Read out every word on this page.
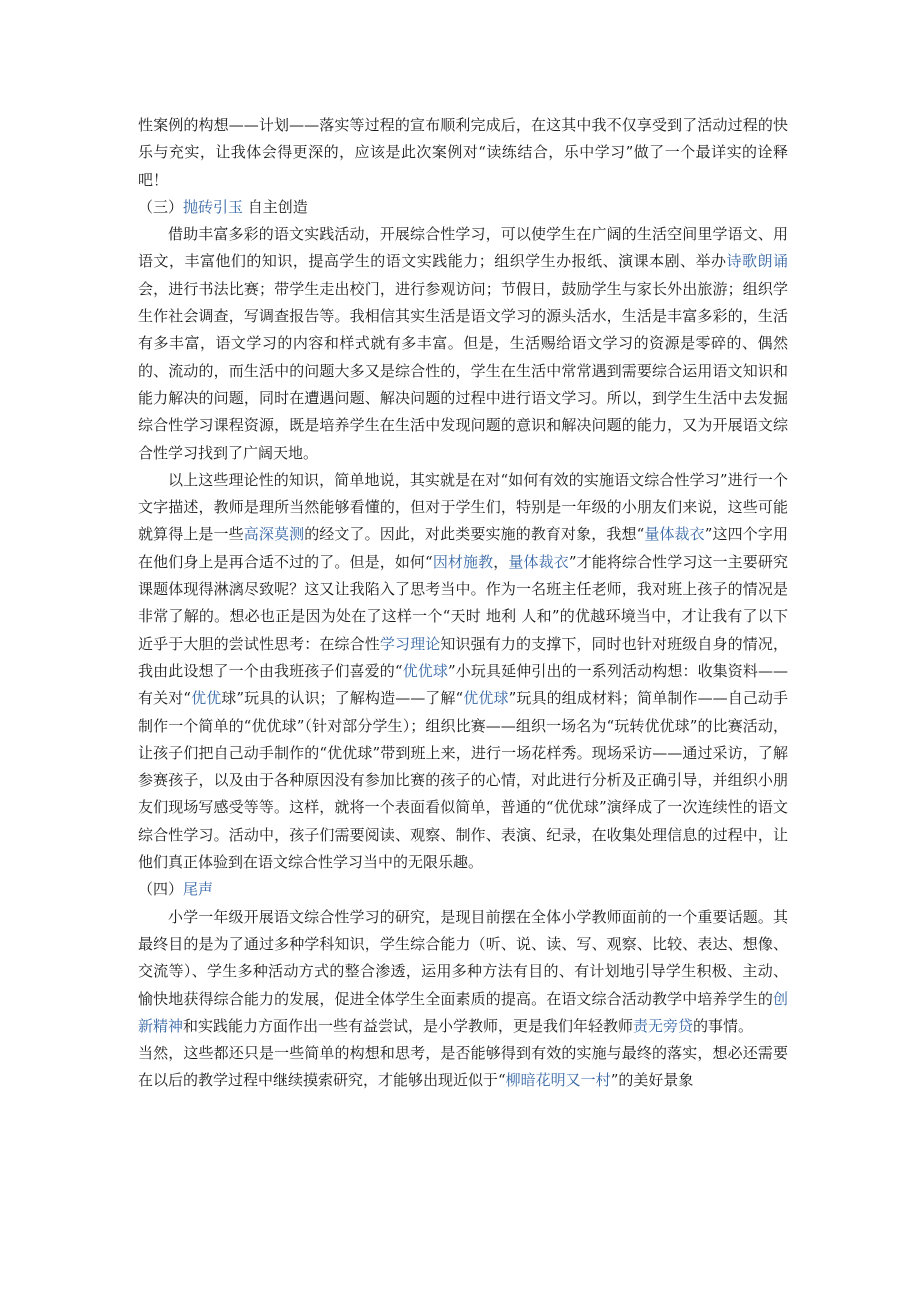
性案例的构想——计划——落实等过程的宣布顺利完成后，在这其中我不仅享受到了活动过程的快乐与充实，让我体会得更深的，应该是此次案例对“读练结合，乐中学习”做了一个最详实的诠释吧！

（三）抛砖引玉 自主创造

借助丰富多彩的语文实践活动，开展综合性学习，可以使学生在广阔的生活空间里学语文、用语文，丰富他们的知识，提高学生的语文实践能力；组织学生办报纸、演课本剧、举办诗歌朗诵会，进行书法比赛；带学生走出校门，进行参观访问；节假日，鼓励学生与家长外出旅游；组织学生作社会调查，写调查报告等。我相信其实生活是语文学习的源头活水，生活是丰富多彩的，生活有多丰富，语文学习的内容和样式就有多丰富。但是，生活赐给语文学习的资源是零碎的、偶然的、流动的，而生活中的问题大多又是综合性的，学生在生活中常常遇到需要综合运用语文知识和能力解决的问题，同时在遭遇问题、解决问题的过程中进行语文学习。所以，到学生生活中去发掘综合性学习课程资源，既是培养学生在生活中发现问题的意识和解决问题的能力，又为开展语文综合性学习找到了广阔天地。

以上这些理论性的知识，简单地说，其实就是在对“如何有效的实施语文综合性学习”进行一个文字描述，教师是理所当然能够看懂的，但对于学生们，特别是一年级的小朋友们来说，这些可能就算得上是一些高深莫测的经文了。因此，对此类要实施的教育对象，我想“量体裁衣”这四个字用在他们身上是再合适不过的了。但是，如何“因材施教，量体裁衣”才能将综合性学习这一主要研究课题体现得淋漓尽致呢？这又让我陷入了思考当中。作为一名班主任老师，我对班上孩子的情况是非常了解的。想必也正是因为处在了这样一个“天时 地利 人和”的优越环境当中，才让我有了以下近乎于大胆的尝试性思考：在综合性学习理论知识强有力的支撑下，同时也针对班级自身的情况，我由此设想了一个由我班孩子们喜爱的“优优球”小玩具延伸引出的一系列活动构想：收集资料——有关对“优优球”玩具的认识；了解构造——了解“优优球”玩具的组成材料；简单制作——自己动手制作一个简单的“优优球”（针对部分学生）；组织比赛——组织一场名为“玩转优优球”的比赛活动，让孩子们把自己动手制作的“优优球”带到班上来，进行一场花样秀。现场采访——通过采访，了解参赛孩子，以及由于各种原因没有参加比赛的孩子的心情，对此进行分析及正确引导，并组织小朋友们现场写感受等等。这样，就将一个表面看似简单，普通的“优优球”演绎成了一次连续性的语文综合性学习。活动中，孩子们需要阅读、观察、制作、表演、纪录，在收集处理信息的过程中，让他们真正体验到在语文综合性学习当中的无限乐趣。

（四）尾声

小学一年级开展语文综合性学习的研究，是现目前摆在全体小学教师面前的一个重要话题。其最终目的是为了通过多种学科知识，学生综合能力（听、说、读、写、观察、比较、表达、想像、交流等）、学生多种活动方式的整合渗透，运用多种方法有目的、有计划地引导学生积极、主动、愉快地获得综合能力的发展，促进全体学生全面素质的提高。在语文综合活动教学中培养学生的创新精神和实践能力方面作出一些有益尝试，是小学教师，更是我们年轻教师责无旁贷的事情。

当然，这些都还只是一些简单的构想和思考，是否能够得到有效的实施与最终的落实，想必还需要在以后的教学过程中继续摸索研究，才能够出现近似于“柳暗花明又一村”的美好景象
